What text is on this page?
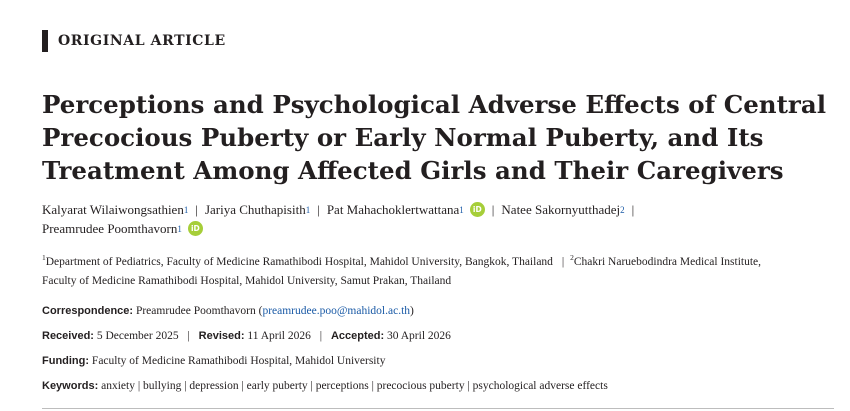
ORIGINAL ARTICLE
Perceptions and Psychological Adverse Effects of Central
Precocious Puberty or Early Normal Puberty, and Its
Treatment Among Affected Girls and Their Caregivers
Kalyarat Wilaiwongsathien 1 | Jariya Chuthapisith 1 | Pat Mahachoklertwattana 1	iD | Natee Sakornyutthadej 2 |
Preamrudee Poomthavorn 1	iD
$^1$Department of Pediatrics, Faculty of Medicine Ramathibodi Hospital, Mahidol University, Bangkok, Thailand | $^2$Chakri Naruebodindra Medical Institute,
Faculty of Medicine Ramathibodi Hospital, Mahidol University, Samut Prakan, Thailand
Correspondence: Preamrudee Poomthavorn (preamrudee.poo@mahidol.ac.th)
Received: 5 December 2025 | Revised: 11 April 2026 | Accepted: 30 April 2026
Funding: Faculty of Medicine Ramathibodi Hospital, Mahidol University
Keywords: anxiety | bullying | depression | early puberty | perceptions | precocious puberty | psychological adverse effects
